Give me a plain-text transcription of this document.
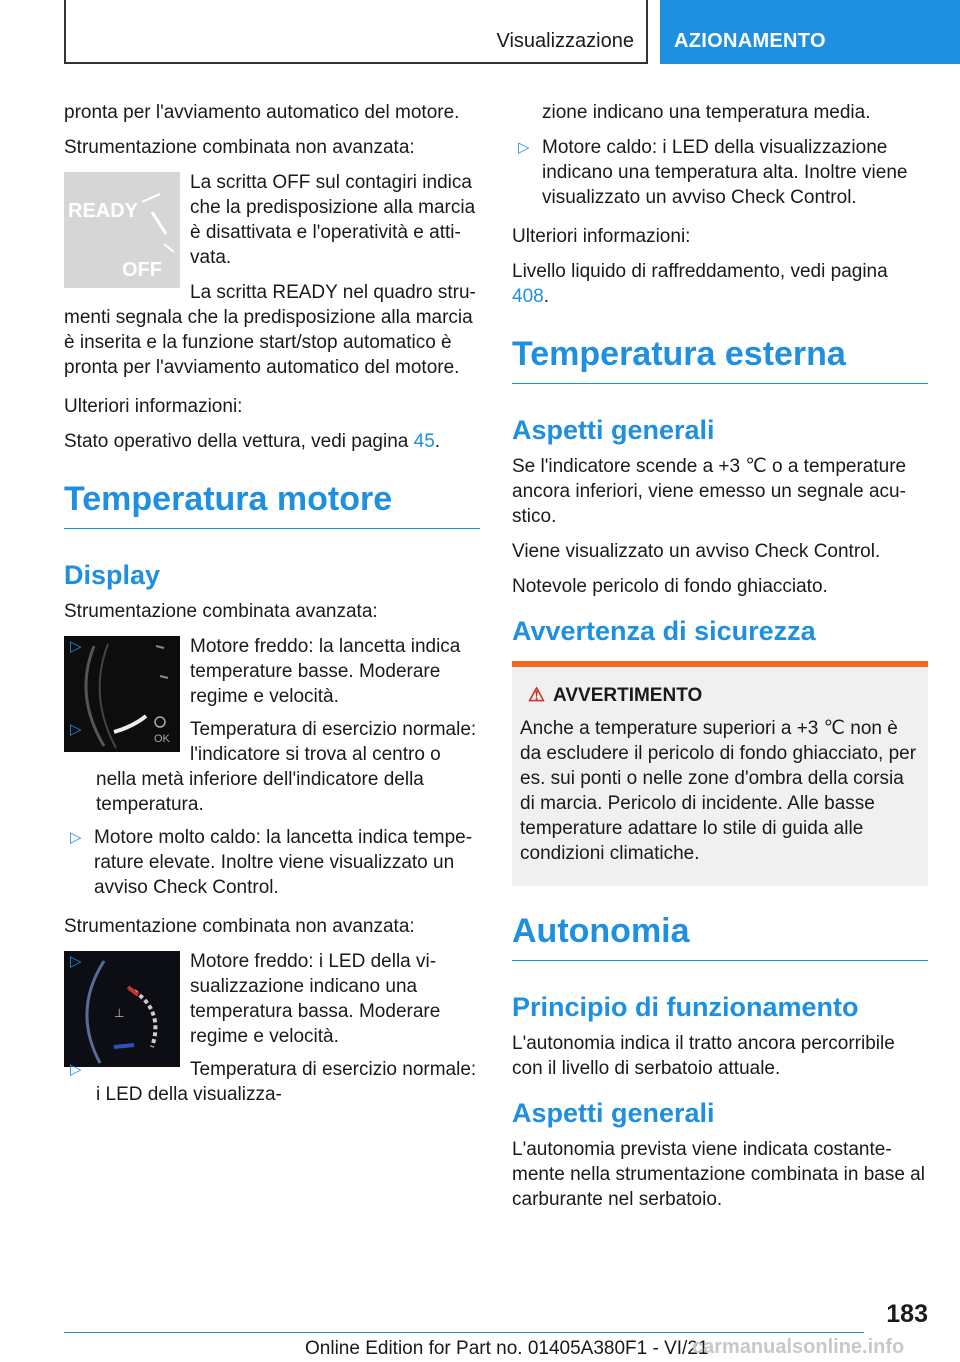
Visualizzazione AZIONAMENTO

pronta per l'avviamento automatico del motore.

Strumentazione combinata non avanzata:

READY
OFF

La scritta OFF sul contagiri indica che la predisposizione alla marcia è disattivata e l'operatività e attivata.

La scritta READY nel quadro strumenti segnala che la predisposizione alla marcia è inserita e la funzione start/stop automatico è pronta per l'avviamento automatico del motore.

Ulteriori informazioni:

Stato operativo della vettura, vedi pagina 45.

Temperatura motore
Display

Strumentazione combinata avanzata:

OK
▷	Motore freddo: la lancetta indica temperature basse. Moderare regime e velocità.
▷	Temperatura di esercizio normale: l'indicatore si trova al centro o nella metà inferiore dell'indicatore della temperatura.
▷ Motore molto caldo: la lancetta indica temperature elevate. Inoltre viene visualizzato un avviso Check Control.

Strumentazione combinata non avanzata:

⊥
▷	Motore freddo: i LED della visualizzazione indicano una temperatura bassa. Moderare regime e velocità.
▷	Temperatura di esercizio normale: i LED della visualizza-

zione indicano una temperatura media.

▷ Motore caldo: i LED della visualizzazione indicano una temperatura alta. Inoltre viene visualizzato un avviso Check Control.

Ulteriori informazioni:

Livello liquido di raffreddamento, vedi pagina 408.

Temperatura esterna
Aspetti generali

Se l'indicatore scende a +3 ℃ o a temperature ancora inferiori, viene emesso un segnale acustico.

Viene visualizzato un avviso Check Control.

Notevole pericolo di fondo ghiacciato.

Avvertenza di sicurezza
⚠ AVVERTIMENTO

Anche a temperature superiori a +3 ℃ non è da escludere il pericolo di fondo ghiacciato, per es. sui ponti o nelle zone d'ombra della corsia di marcia. Pericolo di incidente. Alle basse temperature adattare lo stile di guida alle condizioni climatiche.

Autonomia
Principio di funzionamento

L'autonomia indica il tratto ancora percorribile con il livello di serbatoio attuale.

Aspetti generali

L'autonomia prevista viene indicata costantemente nella strumentazione combinata in base al carburante nel serbatoio.

183
Online Edition for Part no. 01405A380F1 - VI/21
carmanualsonline.info
